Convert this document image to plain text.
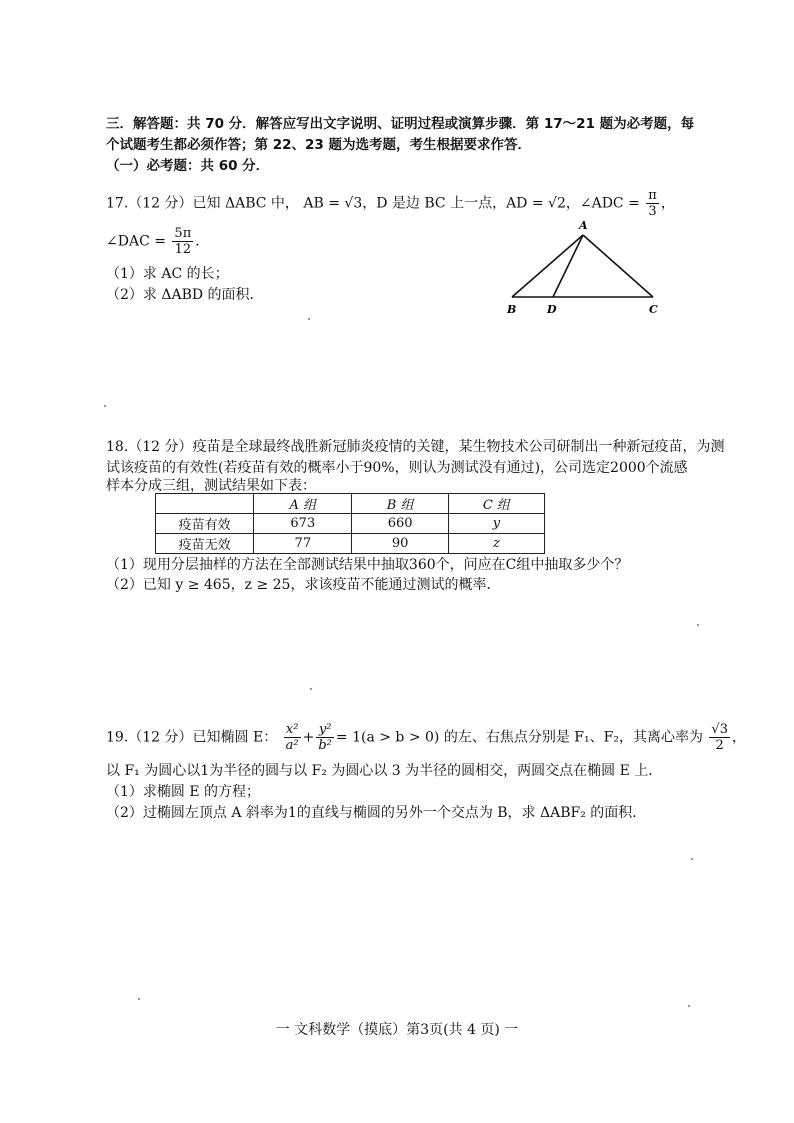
三．解答题：共 70 分．解答应写出文字说明、证明过程或演算步骤．第 17～21 题为必考题，每
个试题考生都必须作答；第 22、23 题为选考题，考生根据要求作答．
（一）必考题：共 60 分．
17.（12 分）已知 ΔABC 中， AB = √3，D 是边 BC 上一点，AD = √2，∠ADC = $\frac{\pi}{3}$ ，
∠DAC = $\frac{5\pi}{12}$ ．
（1）求 AC 的长；
（2）求 ΔABD 的面积．
A
B	D	C
18.（12 分）疫苗是全球最终战胜新冠肺炎疫情的关键，某生物技术公司研制出一种新冠疫苗，为测
试该疫苗的有效性(若疫苗有效的概率小于90%，则认为测试没有通过)，公司选定2000个流感
样本分成三组，测试结果如下表：
	A 组	B 组	C 组
疫苗有效	673	660	y
疫苗无效	77	90	z
（1）现用分层抽样的方法在全部测试结果中抽取360个，问应在C组中抽取多少个？
（2）已知 y ≥ 465，z ≥ 25，求该疫苗不能通过测试的概率．
19.（12 分）已知椭圆 E： $\frac{\text{x²}}{\text{a²}} + \frac{\text{y²}}{\text{b²}} = 1(a > b > 0)$ 的左、右焦点分别是 F₁、F₂，其离心率为 $\frac{√3}{2}$ ，
以 F₁ 为圆心以1为半径的圆与以 F₂ 为圆心以 3 为半径的圆相交，两圆交点在椭圆 E 上．
（1）求椭圆 E 的方程；
（2）过椭圆左顶点 A 斜率为1的直线与椭圆的另外一个交点为 B，求 ΔABF₂ 的面积．
一 文科数学（摸底）第3页(共 4 页) 一
